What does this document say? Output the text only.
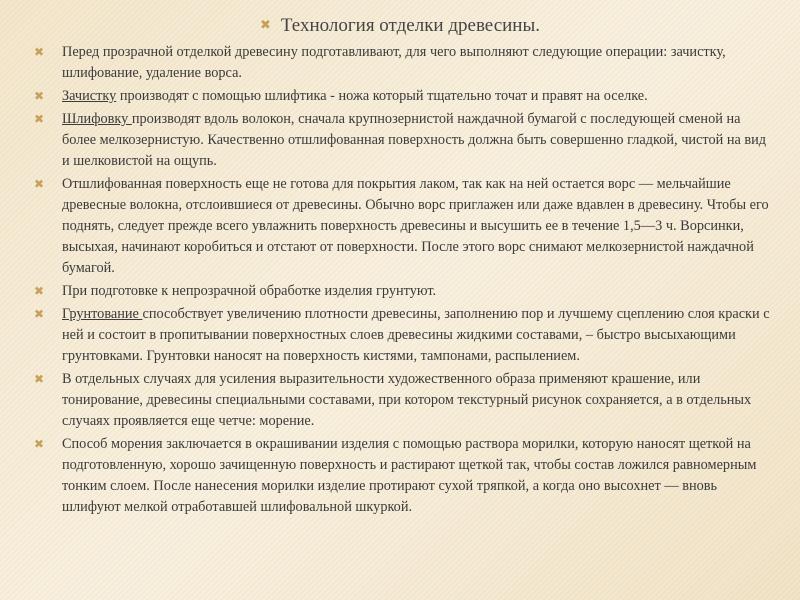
✖ Технология отделки древесины.

✖ Перед прозрачной отделкой древесину подготавливают, для чего выполняют следующие операции: зачистку, шлифование, удаление ворса.

✖ Зачистку производят с помощью шлифтика - ножа который тщательно точат и правят на оселке.

✖ Шлифовку производят вдоль волокон, сначала крупнозернистой наждачной бумагой с последующей сменой на более мелкозернистую. Качественно отшлифованная поверхность должна быть совершенно гладкой, чистой на вид и шелковистой на ощупь.

✖ Отшлифованная поверхность еще не готова для покрытия лаком, так как на ней остается ворс — мельчайшие древесные волокна, отслоившиеся от древесины. Обычно ворс приглажен или даже вдавлен в древесину. Чтобы его поднять, следует прежде всего увлажнить поверхность древесины и высушить ее в течение 1,5—3 ч. Ворсинки, высыхая, начинают коробиться и отстают от поверхности. После этого ворс снимают мелкозернистой наждачной бумагой.

✖ При подготовке к непрозрачной обработке изделия грунтуют.

✖ Грунтование способствует увеличению плотности древесины, заполнению пор и лучшему сцеплению слоя краски с ней и состоит в пропитывании поверхностных слоев древесины жидкими составами, – быстро высыхающими грунтовками. Грунтовки наносят на поверхность кистями, тампонами, распылением.

✖ В отдельных случаях для усиления выразительности художественного образа применяют крашение, или тонирование, древесины специальными составами, при котором текстурный рисунок сохраняется, а в отдельных случаях проявляется еще четче: морение.

✖ Способ морения заключается в окрашивании изделия с помощью раствора морилки, которую наносят щеткой на подготовленную, хорошо зачищенную поверхность и растирают щеткой так, чтобы состав ложился равномерным тонким слоем. После нанесения морилки изделие протирают сухой тряпкой, а когда оно высохнет — вновь шлифуют мелкой отработавшей шлифовальной шкуркой.
